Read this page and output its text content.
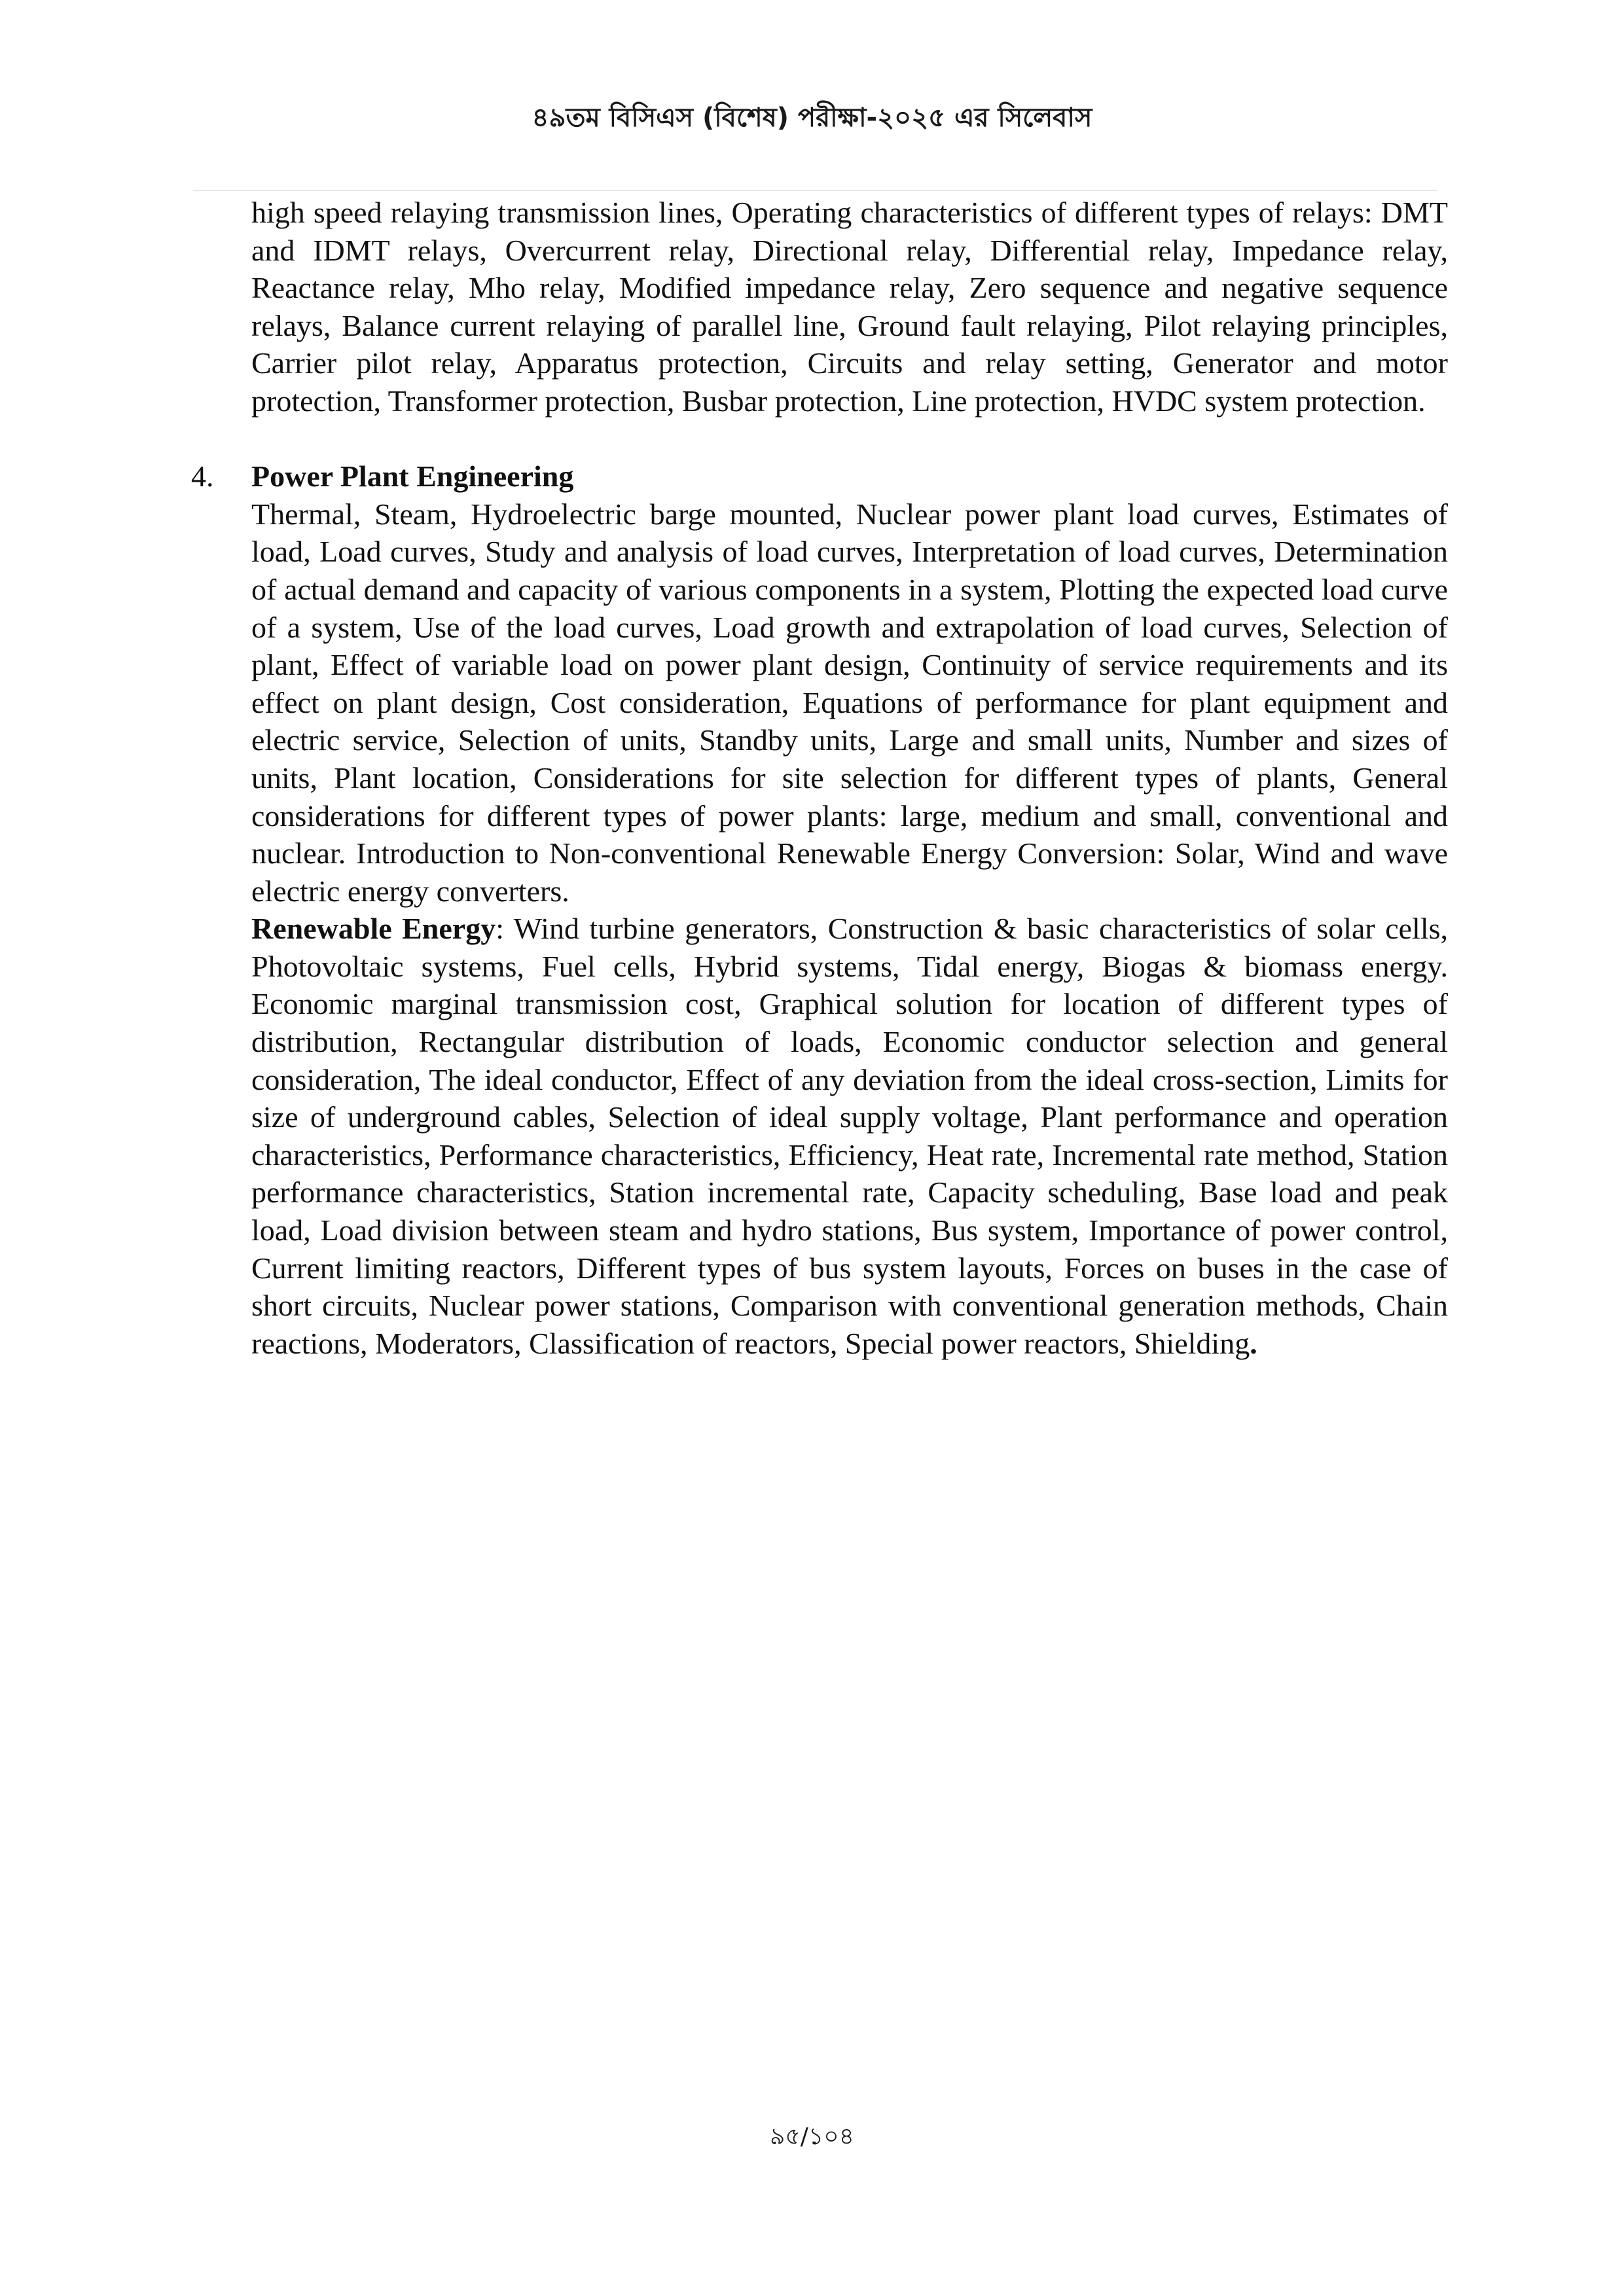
৪৯তম বিসিএস (বিশেষ) পরীক্ষা-২০২৫ এর সিলেবাস

high speed relaying transmission lines, Operating characteristics of different types of relays: DMT and IDMT relays, Overcurrent relay, Directional relay, Differential relay, Impedance relay, Reactance relay, Mho relay, Modified impedance relay, Zero sequence and negative sequence relays, Balance current relaying of parallel line, Ground fault relaying, Pilot relaying principles, Carrier pilot relay, Apparatus protection, Circuits and relay setting, Generator and motor protection, Transformer protection, Busbar protection, Line protection, HVDC system protection.

4. Power Plant Engineering

Thermal, Steam, Hydroelectric barge mounted, Nuclear power plant load curves, Estimates of load, Load curves, Study and analysis of load curves, Interpretation of load curves, Determination of actual demand and capacity of various components in a system, Plotting the expected load curve of a system, Use of the load curves, Load growth and extrapolation of load curves, Selection of plant, Effect of variable load on power plant design, Continuity of service requirements and its effect on plant design, Cost consideration, Equations of performance for plant equipment and electric service, Selection of units, Standby units, Large and small units, Number and sizes of units, Plant location, Considerations for site selection for different types of plants, General considerations for different types of power plants: large, medium and small, conventional and nuclear. Introduction to Non-conventional Renewable Energy Conversion: Solar, Wind and wave electric energy converters.

Renewable Energy: Wind turbine generators, Construction & basic characteristics of solar cells, Photovoltaic systems, Fuel cells, Hybrid systems, Tidal energy, Biogas & biomass energy. Economic marginal transmission cost, Graphical solution for location of different types of distribution, Rectangular distribution of loads, Economic conductor selection and general consideration, The ideal conductor, Effect of any deviation from the ideal cross-section, Limits for size of underground cables, Selection of ideal supply voltage, Plant performance and operation characteristics, Performance characteristics, Efficiency, Heat rate, Incremental rate method, Station performance characteristics, Station incremental rate, Capacity scheduling, Base load and peak load, Load division between steam and hydro stations, Bus system, Importance of power control, Current limiting reactors, Different types of bus system layouts, Forces on buses in the case of short circuits, Nuclear power stations, Comparison with conventional generation methods, Chain reactions, Moderators, Classification of reactors, Special power reactors, Shielding.

৯৫/১০৪
